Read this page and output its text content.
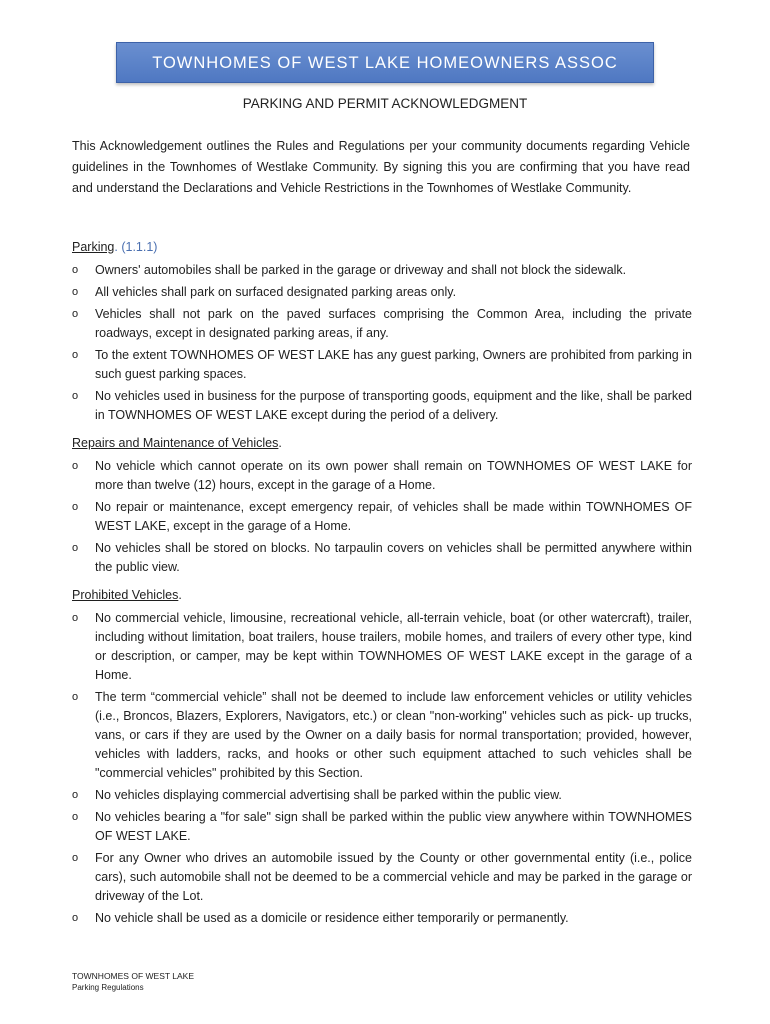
TOWNHOMES OF WEST LAKE HOMEOWNERS ASSOC
PARKING AND PERMIT ACKNOWLEDGMENT

This Acknowledgement outlines the Rules and Regulations per your community documents regarding Vehicle guidelines in the Townhomes of Westlake Community. By signing this you are confirming that you have read and understand the Declarations and Vehicle Restrictions in the Townhomes of Westlake Community.

Parking. (1.1.1)

o Owners' automobiles shall be parked in the garage or driveway and shall not block the sidewalk.
o All vehicles shall park on surfaced designated parking areas only.
o Vehicles shall not park on the paved surfaces comprising the Common Area, including the private roadways, except in designated parking areas, if any.
o To the extent TOWNHOMES OF WEST LAKE has any guest parking, Owners are prohibited from parking in such guest parking spaces.
o No vehicles used in business for the purpose of transporting goods, equipment and the like, shall be parked in TOWNHOMES OF WEST LAKE except during the period of a delivery.

Repairs and Maintenance of Vehicles.

o No vehicle which cannot operate on its own power shall remain on TOWNHOMES OF WEST LAKE for more than twelve (12) hours, except in the garage of a Home.
o No repair or maintenance, except emergency repair, of vehicles shall be made within TOWNHOMES OF WEST LAKE, except in the garage of a Home.
o No vehicles shall be stored on blocks. No tarpaulin covers on vehicles shall be permitted anywhere within the public view.

Prohibited Vehicles.

o No commercial vehicle, limousine, recreational vehicle, all-terrain vehicle, boat (or other watercraft), trailer, including without limitation, boat trailers, house trailers, mobile homes, and trailers of every other type, kind or description, or camper, may be kept within TOWNHOMES OF WEST LAKE except in the garage of a Home.
o The term “commercial vehicle” shall not be deemed to include law enforcement vehicles or utility vehicles (i.e., Broncos, Blazers, Explorers, Navigators, etc.) or clean "non-working" vehicles such as pick- up trucks, vans, or cars if they are used by the Owner on a daily basis for normal transportation; provided, however, vehicles with ladders, racks, and hooks or other such equipment attached to such vehicles shall be "commercial vehicles" prohibited by this Section.
o No vehicles displaying commercial advertising shall be parked within the public view.
o No vehicles bearing a "for sale" sign shall be parked within the public view anywhere within TOWNHOMES OF WEST LAKE.
o For any Owner who drives an automobile issued by the County or other governmental entity (i.e., police cars), such automobile shall not be deemed to be a commercial vehicle and may be parked in the garage or driveway of the Lot.
o No vehicle shall be used as a domicile or residence either temporarily or permanently.
TOWNHOMES OF WEST LAKE
Parking Regulations
